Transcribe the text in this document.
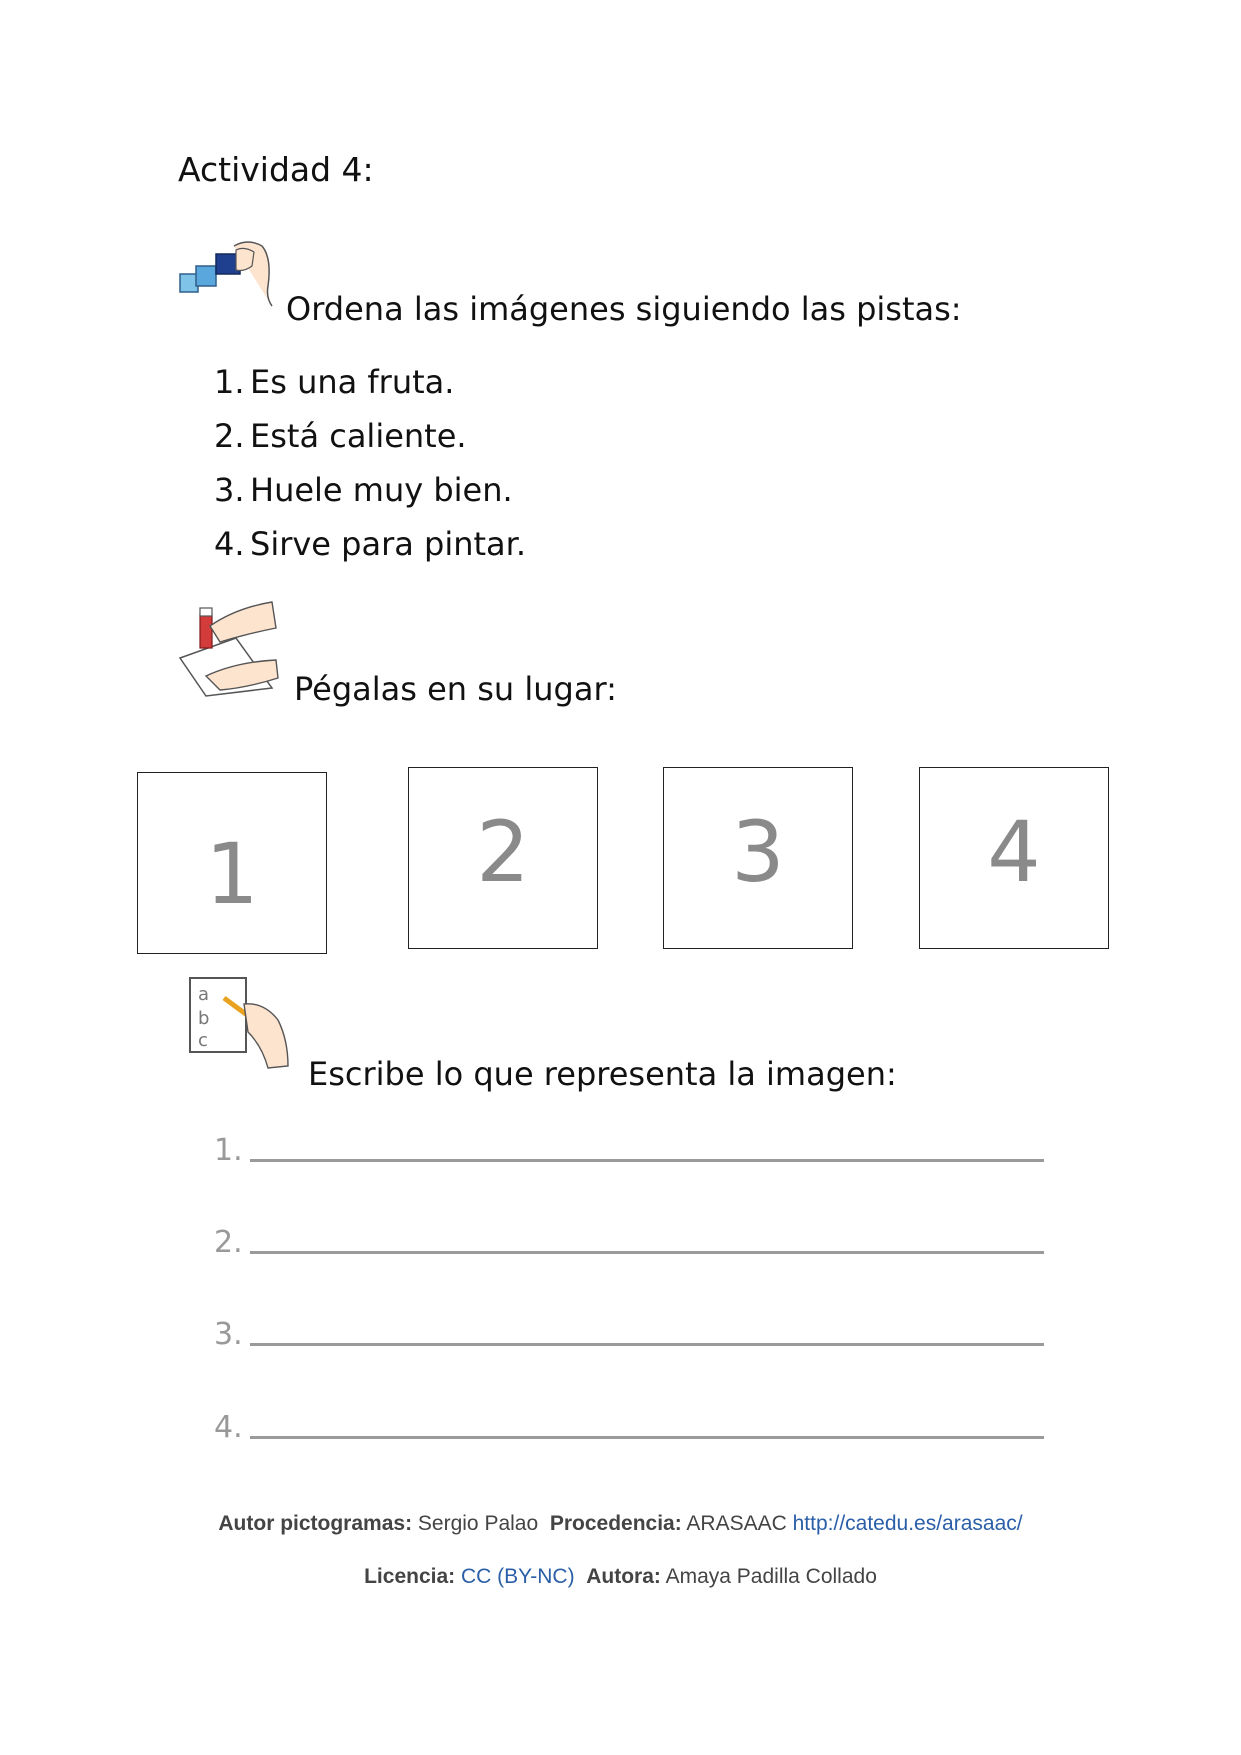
Actividad 4:
Ordena las imágenes siguiendo las pistas:
1. Es una fruta.
2. Está caliente.
3. Huele muy bien.
4. Sirve para pintar.
Pégalas en su lugar:
1	2 3 4
a
b
c
Escribe lo que representa la imagen:
1.
2.
3.
4.
Autor pictogramas: Sergio Palao Procedencia: ARASAAC http://catedu.es/arasaac/
Licencia: CC (BY-NC) Autora: Amaya Padilla Collado
